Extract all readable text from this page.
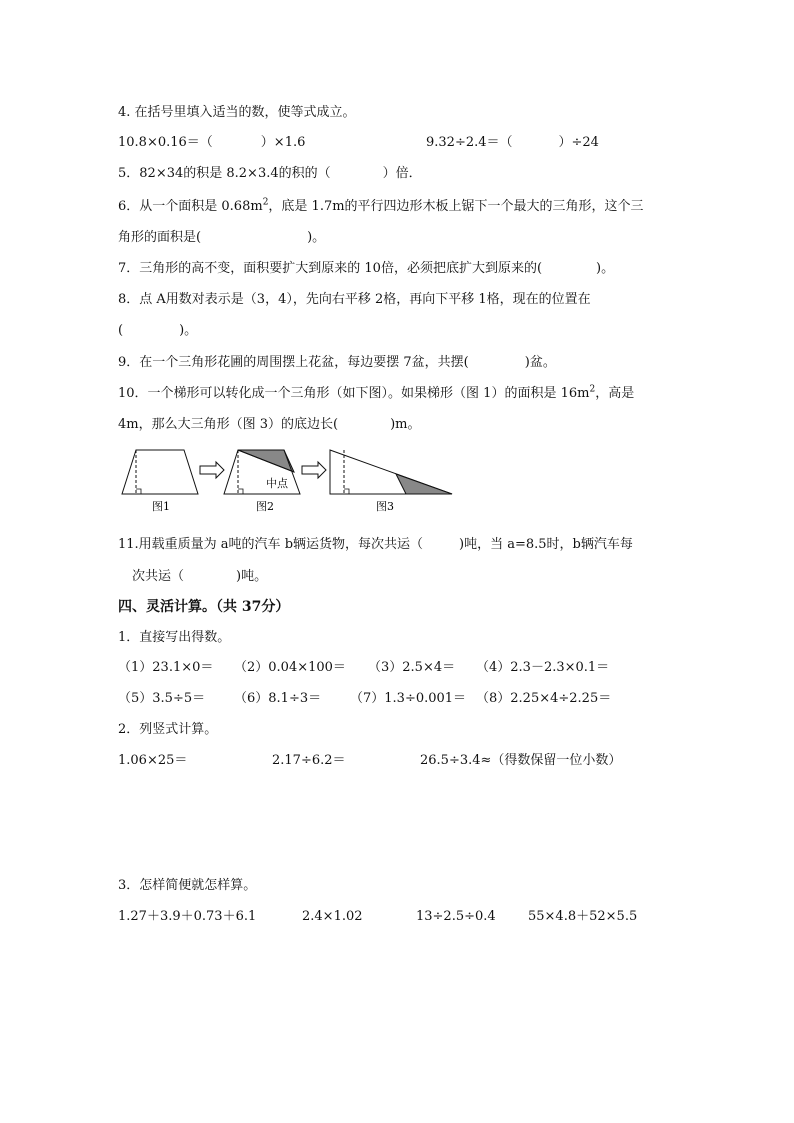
4. 在括号里填入适当的数，使等式成立。
10.8×0.16＝（	）×1.6	9.32÷2.4＝（	）÷24
5．82×34的积是 8.2×3.4的积的（	）倍．
6．从一个面积是 $0.68m^2$，底是 1.7m的平行四边形木板上锯下一个最大的三角形，这个三
角形的面积是(	)。
7．三角形的高不变，面积要扩大到原来的 10倍，必须把底扩大到原来的(	)。
8．点 A用数对表示是（3，4），先向右平移 2格，再向下平移 1格，现在的位置在
(	)。
9．在一个三角形花圃的周围摆上花盆，每边要摆 7盆，共摆(	)盆。
10．一个梯形可以转化成一个三角形（如下图）。如果梯形（图 1）的面积是 $16m^2$，高是
4m，那么大三角形（图 3）的底边长(	)m。
中点
图1	图2	图3
11.用载重质量为 a吨的汽车 b辆运货物，每次共运（	)吨，当 a=8.5时，b辆汽车每
次共运（	)吨。
四、灵活计算。（共 37分）
1．直接写出得数。
（1）23.1×0＝ （2）0.04×100＝ （3）2.5×4＝ （4）2.3－2.3×0.1＝
（5）3.5÷5＝ （6）8.1÷3＝ （7）1.3÷0.001＝ （8）2.25×4÷2.25＝
2．列竖式计算。
1.06×25＝	2.17÷6.2＝	26.5÷3.4≈（得数保留一位小数）
3．怎样简便就怎样算。
1.27＋3.9＋0.73＋6.1	2.4×1.02	13÷2.5÷0.4 55×4.8＋52×5.5
